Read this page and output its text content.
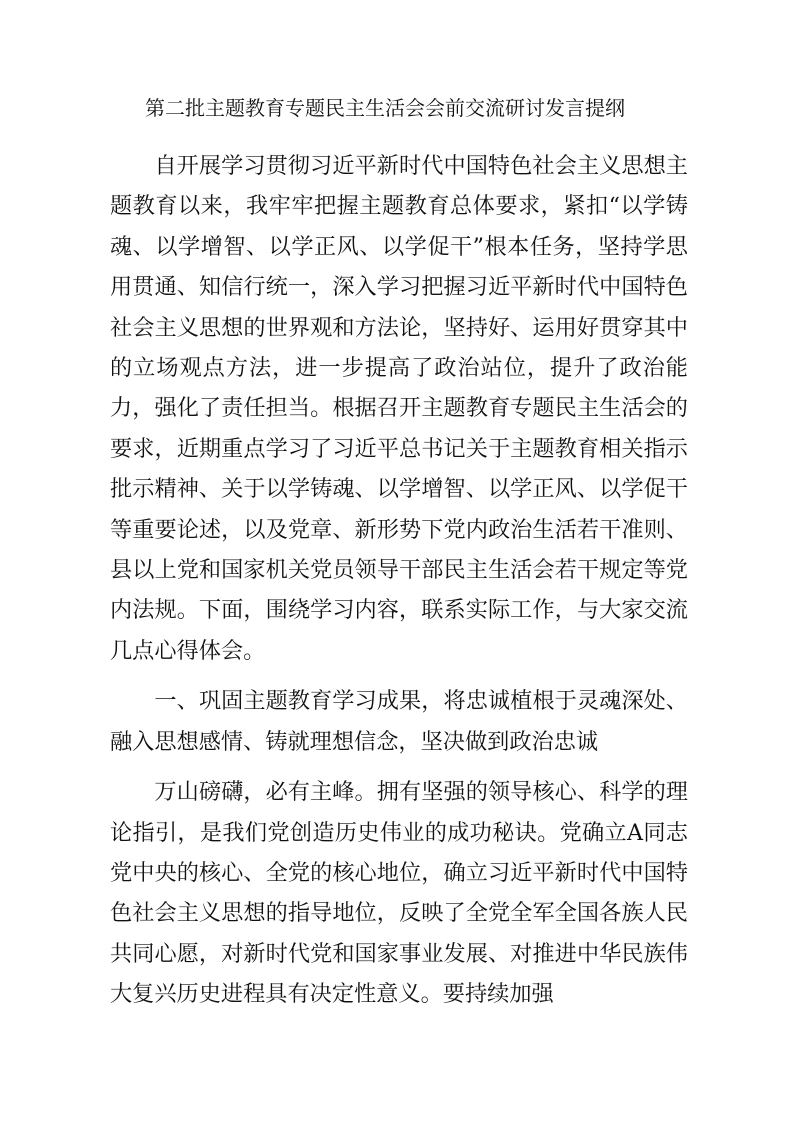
第二批主题教育专题民主生活会会前交流研讨发言提纲

自开展学习贯彻习近平新时代中国特色社会主义思想主题教育以来，我牢牢把握主题教育总体要求，紧扣“以学铸魂、以学增智、以学正风、以学促干”根本任务，坚持学思用贯通、知信行统一，深入学习把握习近平新时代中国特色社会主义思想的世界观和方法论，坚持好、运用好贯穿其中的立场观点方法，进一步提高了政治站位，提升了政治能力，强化了责任担当。根据召开主题教育专题民主生活会的要求，近期重点学习了习近平总书记关于主题教育相关指示批示精神、关于以学铸魂、以学增智、以学正风、以学促干等重要论述，以及党章、新形势下党内政治生活若干准则、县以上党和国家机关党员领导干部民主生活会若干规定等党内法规。下面，围绕学习内容，联系实际工作，与大家交流几点心得体会。

一、巩固主题教育学习成果，将忠诚植根于灵魂深处、融入思想感情、铸就理想信念，坚决做到政治忠诚

万山磅礴，必有主峰。拥有坚强的领导核心、科学的理论指引，是我们党创造历史伟业的成功秘诀。党确立A同志党中央的核心、全党的核心地位，确立习近平新时代中国特色社会主义思想的指导地位，反映了全党全军全国各族人民共同心愿，对新时代党和国家事业发展、对推进中华民族伟大复兴历史进程具有决定性意义。要持续加强
